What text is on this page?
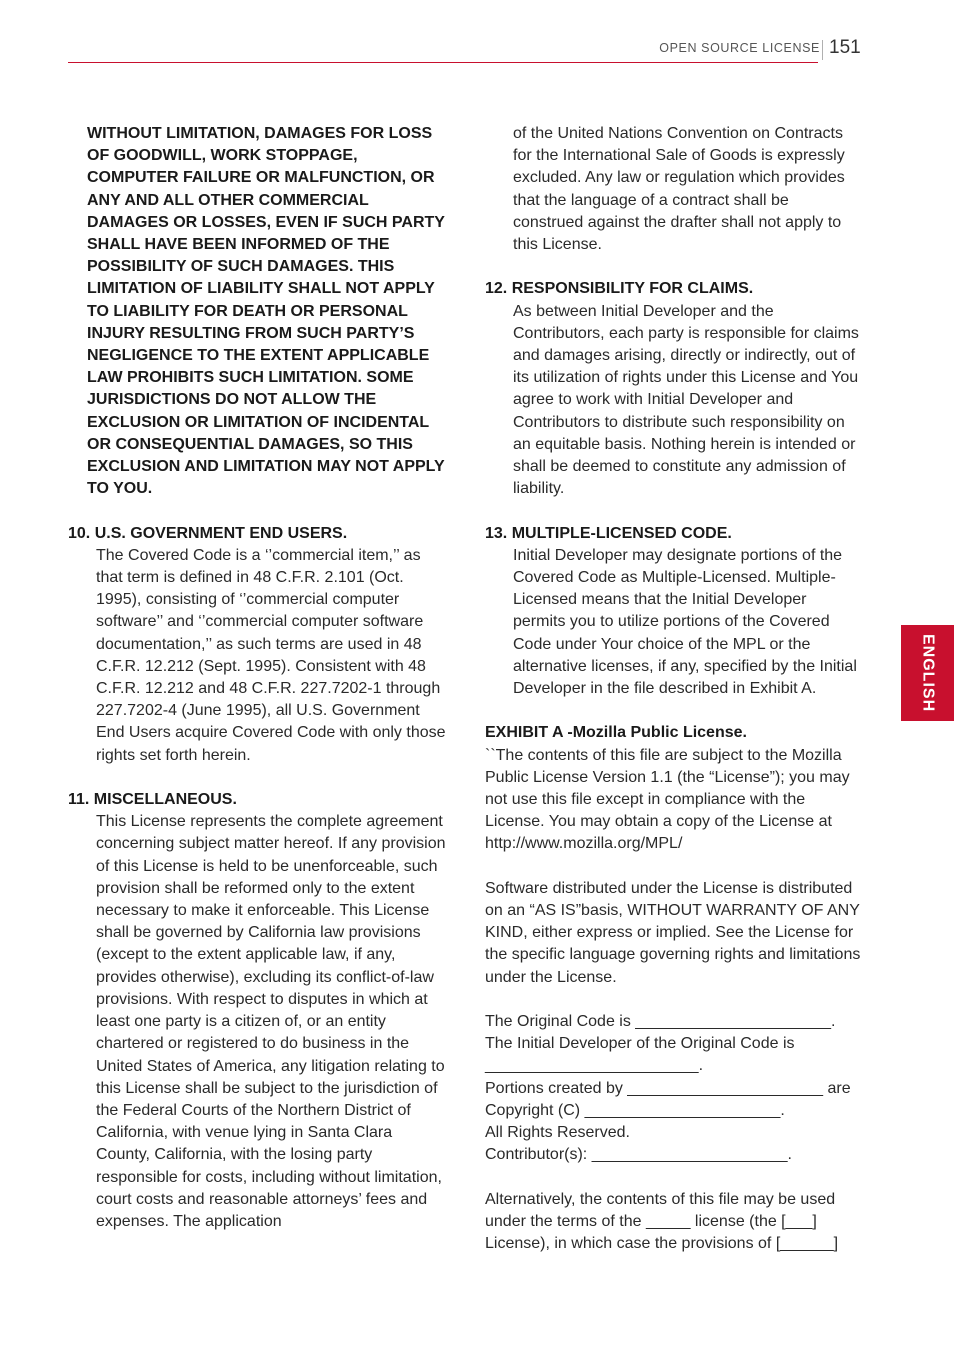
OPEN SOURCE LICENSE 151
ENGLISH

WITHOUT LIMITATION, DAMAGES FOR LOSS OF GOODWILL, WORK STOPPAGE, COMPUTER FAILURE OR MALFUNCTION, OR ANY AND ALL OTHER COMMERCIAL DAMAGES OR LOSSES, EVEN IF SUCH PARTY SHALL HAVE BEEN INFORMED OF THE POSSIBILITY OF SUCH DAMAGES. THIS LIMITATION OF LIABILITY SHALL NOT APPLY TO LIABILITY FOR DEATH OR PERSONAL INJURY RESULTING FROM SUCH PARTY’S NEGLIGENCE TO THE EXTENT APPLICABLE LAW PROHIBITS SUCH LIMITATION. SOME JURISDICTIONS DO NOT ALLOW THE EXCLUSION OR LIMITATION OF INCIDENTAL OR CONSEQUENTIAL DAMAGES, SO THIS EXCLUSION AND LIMITATION MAY NOT APPLY TO YOU.

10. U.S. GOVERNMENT END USERS.

The Covered Code is a ‘’commercial item,’’ as that term is defined in 48 C.F.R. 2.101 (Oct. 1995), consisting of ‘’commercial computer software’’ and ‘’commercial computer software documentation,’’ as such terms are used in 48 C.F.R. 12.212 (Sept. 1995). Consistent with 48 C.F.R. 12.212 and 48 C.F.R. 227.7202-1 through 227.7202-4 (June 1995), all U.S. Government End Users acquire Covered Code with only those rights set forth herein.

11. MISCELLANEOUS.

This License represents the complete agreement concerning subject matter hereof. If any provision of this License is held to be unenforceable, such provision shall be reformed only to the extent necessary to make it enforceable. This License shall be governed by California law provisions (except to the extent applicable law, if any, provides otherwise), excluding its conflict-of-law provisions. With respect to disputes in which at least one party is a citizen of, or an entity chartered or registered to do business in the United States of America, any litigation relating to this License shall be subject to the jurisdiction of the Federal Courts of the Northern District of California, with venue lying in Santa Clara County, California, with the losing party responsible for costs, including without limitation, court costs and reasonable attorneys’ fees and expenses. The application

of the United Nations Convention on Contracts for the International Sale of Goods is expressly excluded. Any law or regulation which provides that the language of a contract shall be construed against the drafter shall not apply to this License.

12. RESPONSIBILITY FOR CLAIMS.

As between Initial Developer and the Contributors, each party is responsible for claims and damages arising, directly or indirectly, out of its utilization of rights under this License and You agree to work with Initial Developer and Contributors to distribute such responsibility on an equitable basis. Nothing herein is intended or shall be deemed to constitute any admission of liability.

13. MULTIPLE-LICENSED CODE.

Initial Developer may designate portions of the Covered Code as Multiple-Licensed. Multiple-Licensed means that the Initial Developer permits you to utilize portions of the Covered Code under Your choice of the MPL or the alternative licenses, if any, specified by the Initial Developer in the file described in Exhibit A.

EXHIBIT A -Mozilla Public License.

``The contents of this file are subject to the Mozilla Public License Version 1.1 (the “License”); you may not use this file except in compliance with the License. You may obtain a copy of the License at http://www.mozilla.org/MPL/

Software distributed under the License is distributed on an “AS IS”basis, WITHOUT WARRANTY OF ANY KIND, either express or implied. See the License for the specific language governing rights and limitations under the License.

The Original Code is ______________________.
The Initial Developer of the Original Code is
________________________.
Portions created by ______________________ are
Copyright (C) ______________________.
All Rights Reserved.
Contributor(s): ______________________.

Alternatively, the contents of this file may be used under the terms of the _____ license (the [___] License), in which case the provisions of [______]
